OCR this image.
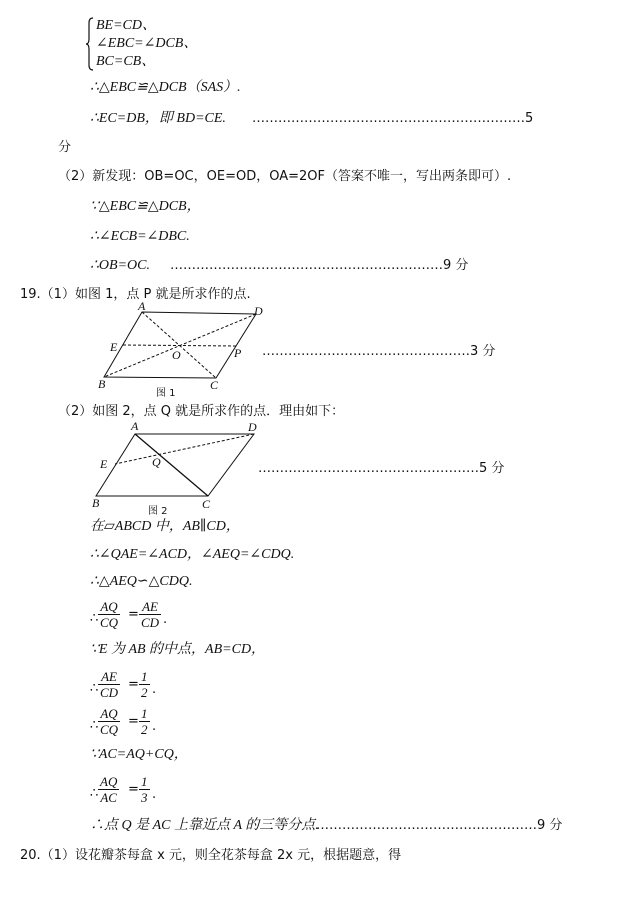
BE=CD、
∠EBC=∠DCB、
BC=CB、
∴△EBC≌△DCB（SAS）.
∴EC=DB，即 BD=CE. ………………………………………………………5
分
（2）新发现：OB=OC，OE=OD，OA=2OF（答案不唯一，写出两条即可）.
∵△EBC≌△DCB，
∴∠ECB=∠DBC.
∴OB=OC. ………………………………………………………9 分
19.（1）如图 1，点 P 就是所求作的点.
A	D
E
O	P
B	C
图 1
…………………………………………3 分
（2）如图 2，点 Q 就是所求作的点．理由如下：
A	D
E	Q
B	C
图 2
……………………………………………5 分
在▱ABCD 中，AB∥CD，
∴∠QAE=∠ACD，∠AEQ=∠CDQ.
∴△AEQ∽△CDQ.
∴ $\frac{AQ}{CQ} = \frac{AE}{CD}$ .
∵E 为 AB 的中点，AB=CD，
∴ $\frac{AE}{CD} = \frac{1}{2}$ .
∴ $\frac{AQ}{CQ} = \frac{1}{2}$ .
∵AC=AQ+CQ，
∴ $\frac{AQ}{AC} = \frac{1}{3}$ .
∴点 Q 是 AC 上靠近点 A 的三等分点.
……………………………………………9 分
20.（1）设花瓣茶每盒 x 元，则全花茶每盒 2x 元，根据题意，得
